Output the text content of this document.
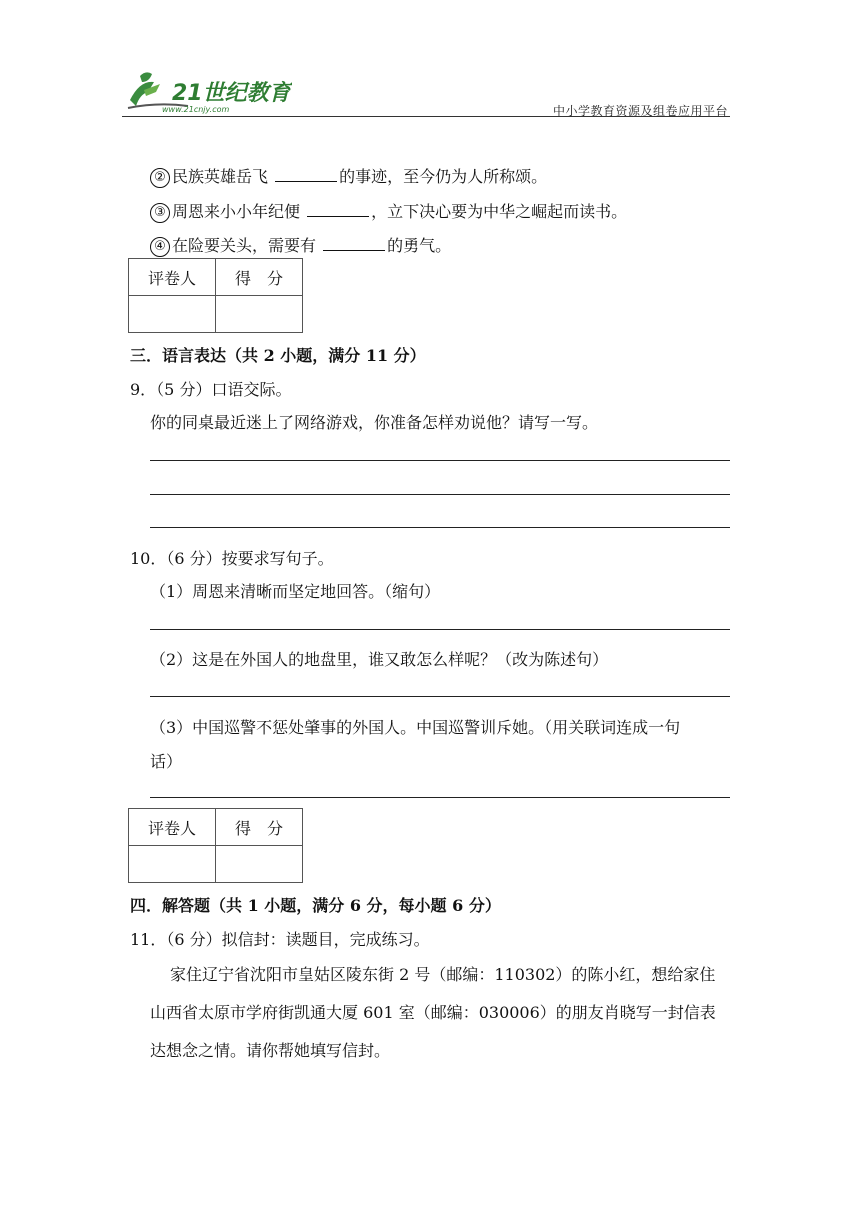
21世纪教育
www.21cnjy.com	中小学教育资源及组卷应用平台
② 民族英雄岳飞	的事迹，至今仍为人所称颂。
③ 周恩来小小年纪便	，立下决心要为中华之崛起而读书。
④ 在险要关头，需要有	的勇气。
评卷人	得　分

三．语言表达（共 2 小题，满分 11 分）
9．（5 分）口语交际。
你的同桌最近迷上了网络游戏，你准备怎样劝说他？请写一写。
10．（6 分）按要求写句子。
（1）周恩来清晰而坚定地回答。（缩句）
（2）这是在外国人的地盘里，谁又敢怎么样呢？（改为陈述句）
（3）中国巡警不惩处肇事的外国人。中国巡警训斥她。（用关联词连成一句
话）
评卷人	得　分

四．解答题（共 1 小题，满分 6 分，每小题 6 分）
11．（6 分）拟信封：读题目，完成练习。
家住辽宁省沈阳市皇姑区陵东街 2 号（邮编：110302）的陈小红，想给家住山西省太原市学府街凯通大厦 601 室（邮编：030006）的朋友肖晓写一封信表达想念之情。请你帮她填写信封。
